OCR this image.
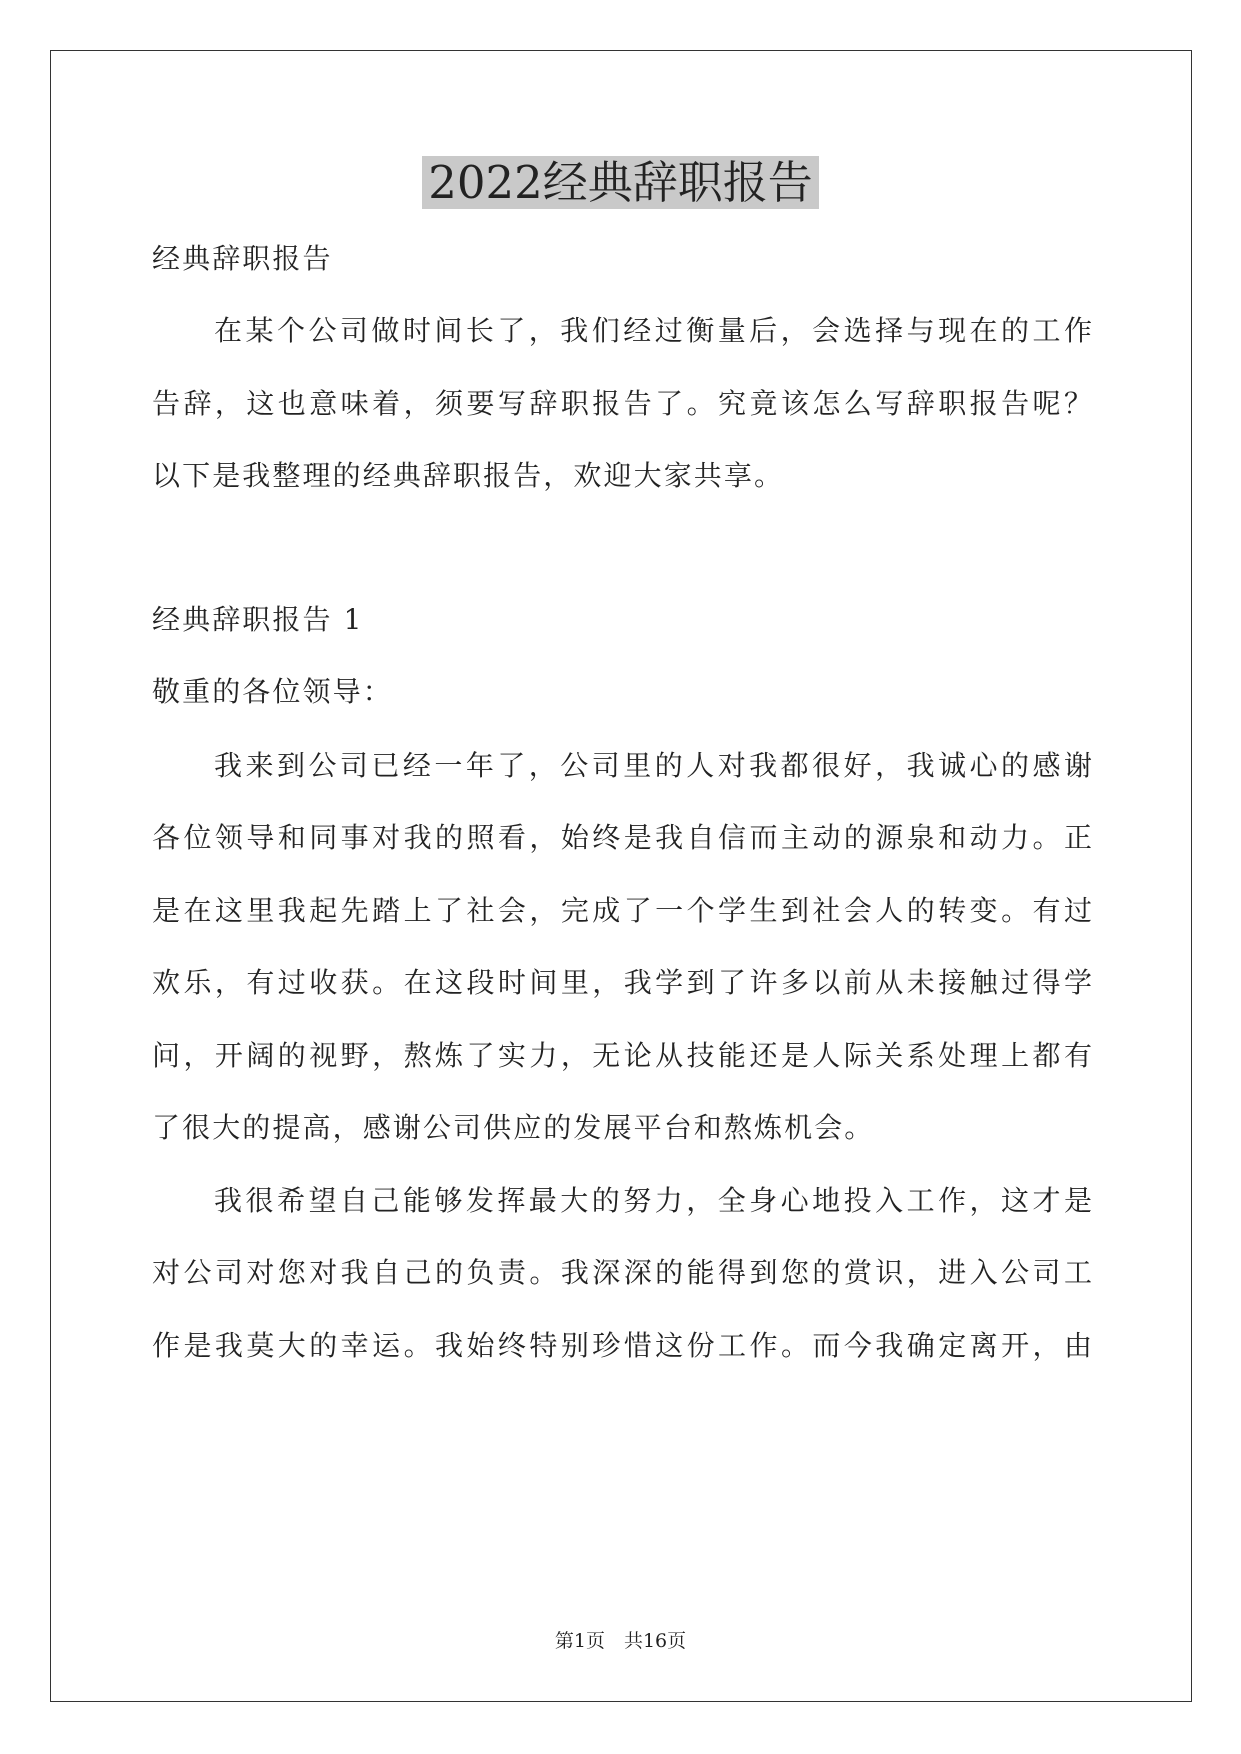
2022经典辞职报告
经典辞职报告
在某个公司做时间长了，我们经过衡量后，会选择与现在的工作
告辞，这也意味着，须要写辞职报告了。究竟该怎么写辞职报告呢？
以下是我整理的经典辞职报告，欢迎大家共享。
经典辞职报告 1
敬重的各位领导：
我来到公司已经一年了，公司里的人对我都很好，我诚心的感谢
各位领导和同事对我的照看，始终是我自信而主动的源泉和动力。正
是在这里我起先踏上了社会，完成了一个学生到社会人的转变。有过
欢乐，有过收获。在这段时间里，我学到了许多以前从未接触过得学
问，开阔的视野，熬炼了实力，无论从技能还是人际关系处理上都有
了很大的提高，感谢公司供应的发展平台和熬炼机会。
我很希望自己能够发挥最大的努力，全身心地投入工作，这才是
对公司对您对我自己的负责。我深深的能得到您的赏识，进入公司工
作是我莫大的幸运。我始终特别珍惜这份工作。而今我确定离开，由
第1页　共16页
